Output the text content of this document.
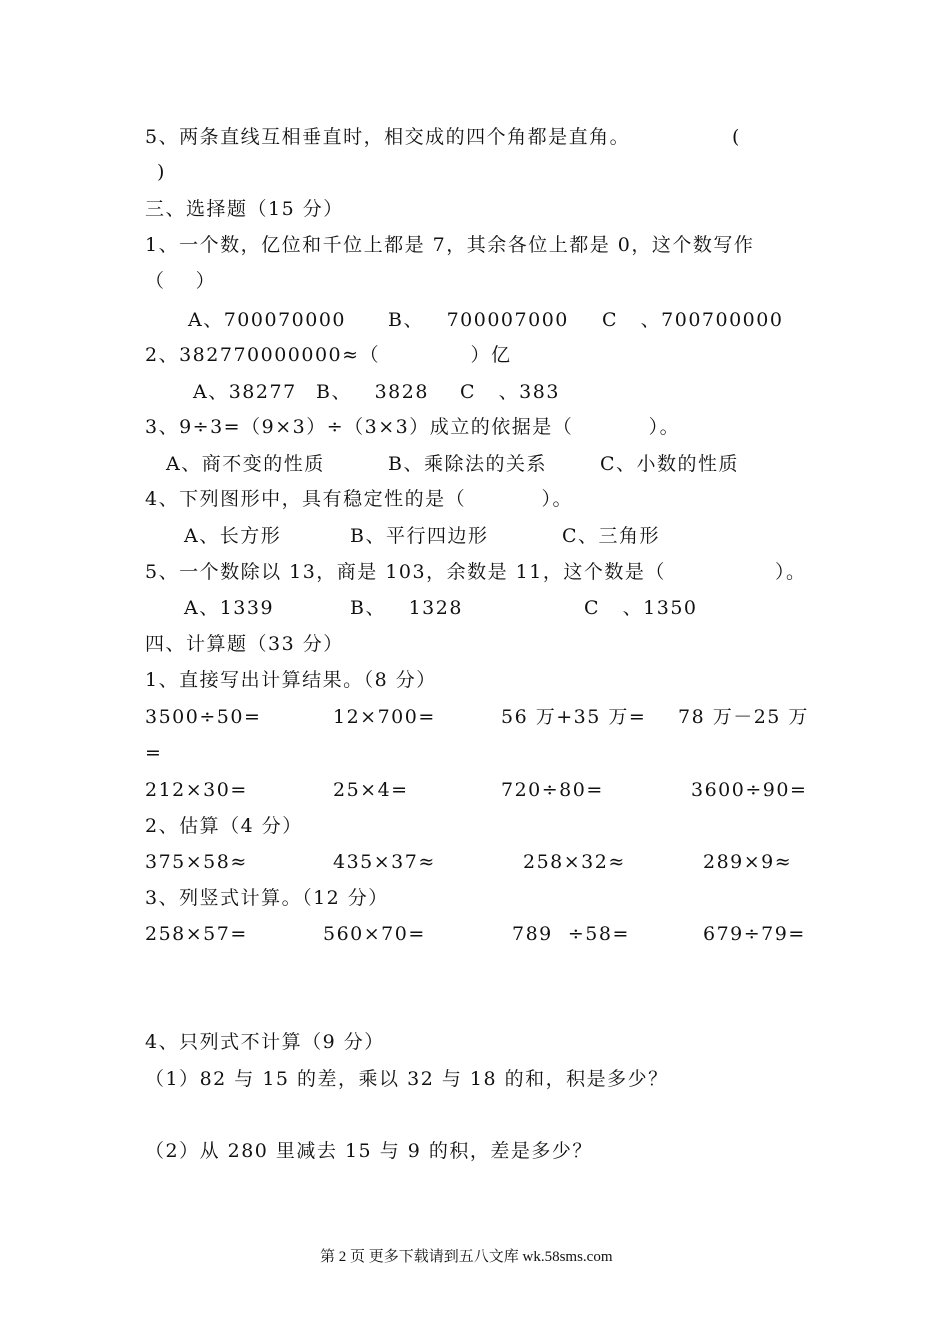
5、两条直线互相垂直时，相交成的四个角都是直角。	(
)
三、选择题（15 分）
1、一个数，亿位和千位上都是 7，其余各位上都是 0，这个数写作
（    ）
A、700070000 B、   700007000 C   、700700000
2、382770000000≈（            ）亿
A、38277 B、   3828 C   、383
3、9÷3=（9×3）÷（3×3）成立的依据是（          ）。
A、商不变的性质	B、乘除法的关系	C、小数的性质
4、下列图形中，具有稳定性的是（          ）。
A、长方形	B、平行四边形	C、三角形
5、一个数除以 13，商是 103，余数是 11，这个数是（	）。
A、1339	B、   1328	C   、1350
四、计算题（33 分）
1、直接写出计算结果。（8 分）
3500÷50=	12×700=	56 万+35 万= 78 万－25 万
=
212×30=	25×4=	720÷80=	3600÷90=
2、估算（4 分）
375×58≈	435×37≈	258×32≈	289×9≈
3、列竖式计算。（12 分）
258×57=	560×70=	789  ÷58=	679÷79=
4、只列式不计算（9 分）
（1）82 与 15 的差，乘以 32 与 18 的和，积是多少？
（2）从 280 里减去 15 与 9 的积，差是多少？
第 2 页 更多下载请到五八文库 wk.58sms.com
